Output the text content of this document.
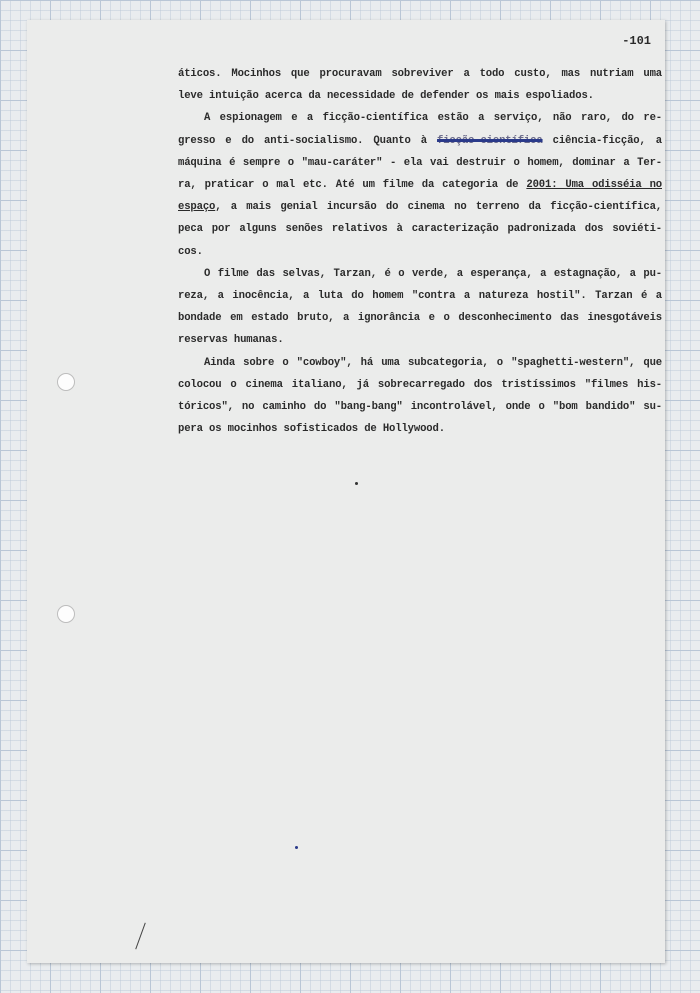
-101

áticos. Mocinhos que procuravam sobreviver a todo custo, mas nutriam uma
leve intuição acerca da necessidade de defender os mais espoliados.

A espionagem e a ficção-científica estão a serviço, não raro, do re-
gresso e do anti-socialismo. Quanto à ficção-científica ciência-ficção, a
máquina é sempre o "mau-caráter" - ela vai destruir o homem, dominar a Ter-
ra, praticar o mal etc. Até um filme da categoria de 2001: Uma odisséia no
espaço, a mais genial incursão do cinema no terreno da ficção-científica,
peca por alguns senões relativos à caracterização padronizada dos soviéti-
cos.

O filme das selvas, Tarzan, é o verde, a esperança, a estagnação, a pu-
reza, a inocência, a luta do homem "contra a natureza hostil". Tarzan é a
bondade em estado bruto, a ignorância e o desconhecimento das inesgotáveis
reservas humanas.

Ainda sobre o "cowboy", há uma subcategoria, o "spaghetti-western", que
colocou o cinema italiano, já sobrecarregado dos tristíssimos "filmes his-
tóricos", no caminho do "bang-bang" incontrolável, onde o "bom bandido" su-
pera os mocinhos sofisticados de Hollywood.
